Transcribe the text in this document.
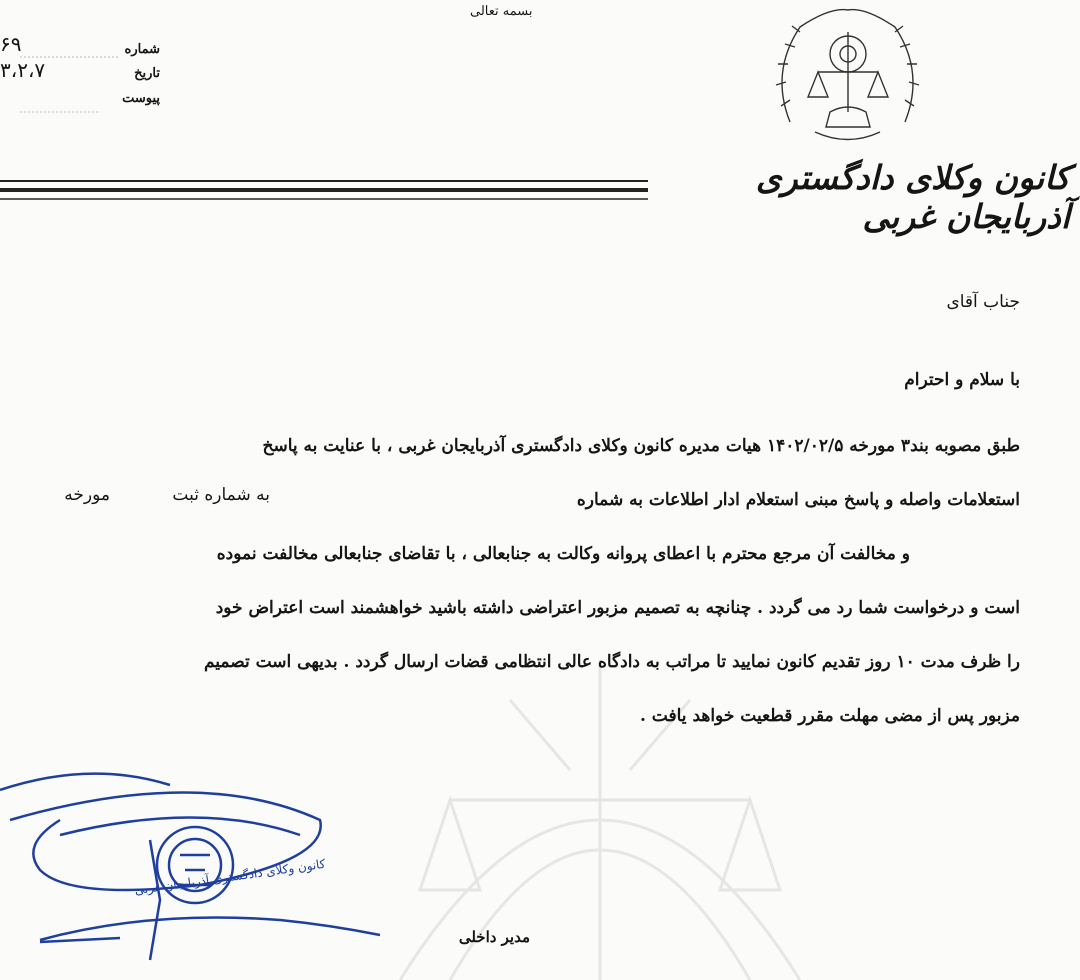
بسمه تعالی
شماره
۶۹
تاریخ
۳،۲،۷
پیوست
کانون وکلای دادگستری آذربایجان غربی
جناب آقای
با سلام و احترام
طبق مصوبه بند۳ مورخه ۱۴۰۲/۰۲/۵ هیات مدیره کانون وکلای دادگستری آذربایجان غربی ، با عنایت به پاسخ
استعلامات واصله و پاسخ مبنی استعلام ادار اطلاعات به شماره
به شماره ثبت
مورخه
و مخالفت آن مرجع محترم با اعطای پروانه وکالت به جنابعالی ، با تقاضای جنابعالی مخالفت نموده
است و درخواست شما رد می گردد . چنانچه به تصمیم مزبور اعتراضی داشته باشید خواهشمند است اعتراض خود
را ظرف مدت ۱۰ روز تقدیم کانون نمایید تا مراتب به دادگاه عالی انتظامی قضات ارسال گردد . بدیهی است تصمیم
مزبور پس از مضی مهلت مقرر قطعیت خواهد یافت .
کانون وکلای دادگستری آذربایجان غربی
مدیر داخلی
